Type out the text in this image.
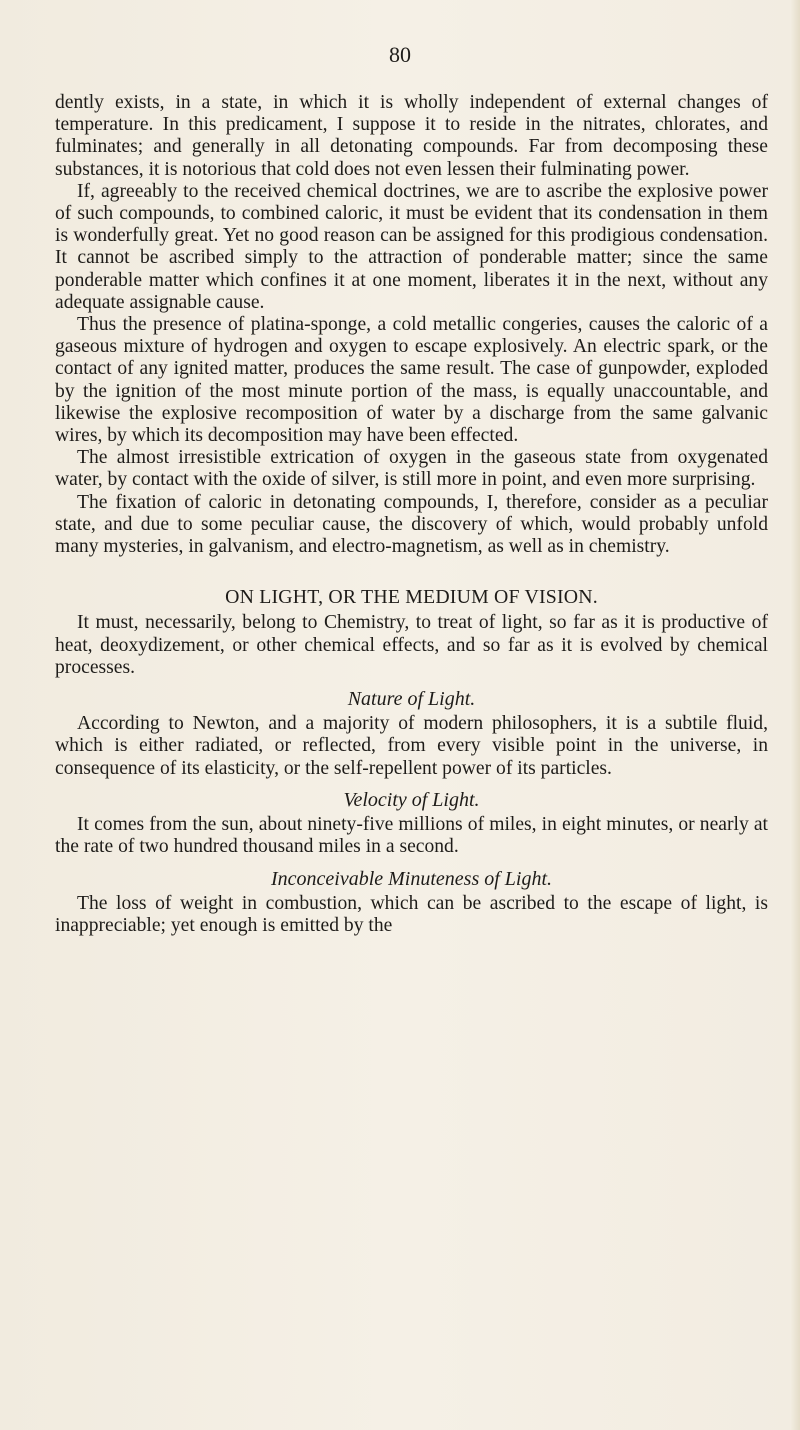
80

dently exists, in a state, in which it is wholly independent of external changes of temperature. In this predicament, I suppose it to reside in the nitrates, chlorates, and fulminates; and generally in all detonating compounds. Far from decomposing these substances, it is notorious that cold does not even lessen their fulminating power.

If, agreeably to the received chemical doctrines, we are to ascribe the explosive power of such compounds, to combined caloric, it must be evident that its condensation in them is wonderfully great. Yet no good reason can be assigned for this prodigious condensation. It cannot be ascribed simply to the attraction of ponderable matter; since the same ponderable matter which confines it at one moment, liberates it in the next, without any adequate assignable cause.

Thus the presence of platina-sponge, a cold metallic congeries, causes the caloric of a gaseous mixture of hydrogen and oxygen to escape explosively. An electric spark, or the contact of any ignited matter, produces the same result. The case of gunpowder, exploded by the ignition of the most minute portion of the mass, is equally unaccountable, and likewise the explosive recomposition of water by a discharge from the same galvanic wires, by which its decomposition may have been effected.

The almost irresistible extrication of oxygen in the gaseous state from oxygenated water, by contact with the oxide of silver, is still more in point, and even more surprising.

The fixation of caloric in detonating compounds, I, therefore, consider as a peculiar state, and due to some peculiar cause, the discovery of which, would probably unfold many mysteries, in galvanism, and electro-magnetism, as well as in chemistry.

ON LIGHT, OR THE MEDIUM OF VISION.

It must, necessarily, belong to Chemistry, to treat of light, so far as it is productive of heat, deoxydizement, or other chemical effects, and so far as it is evolved by chemical processes.

Nature of Light.

According to Newton, and a majority of modern philosophers, it is a subtile fluid, which is either radiated, or reflected, from every visible point in the universe, in consequence of its elasticity, or the self-repellent power of its particles.

Velocity of Light.

It comes from the sun, about ninety-five millions of miles, in eight minutes, or nearly at the rate of two hundred thousand miles in a second.

Inconceivable Minuteness of Light.

The loss of weight in combustion, which can be ascribed to the escape of light, is inappreciable; yet enough is emitted by the
